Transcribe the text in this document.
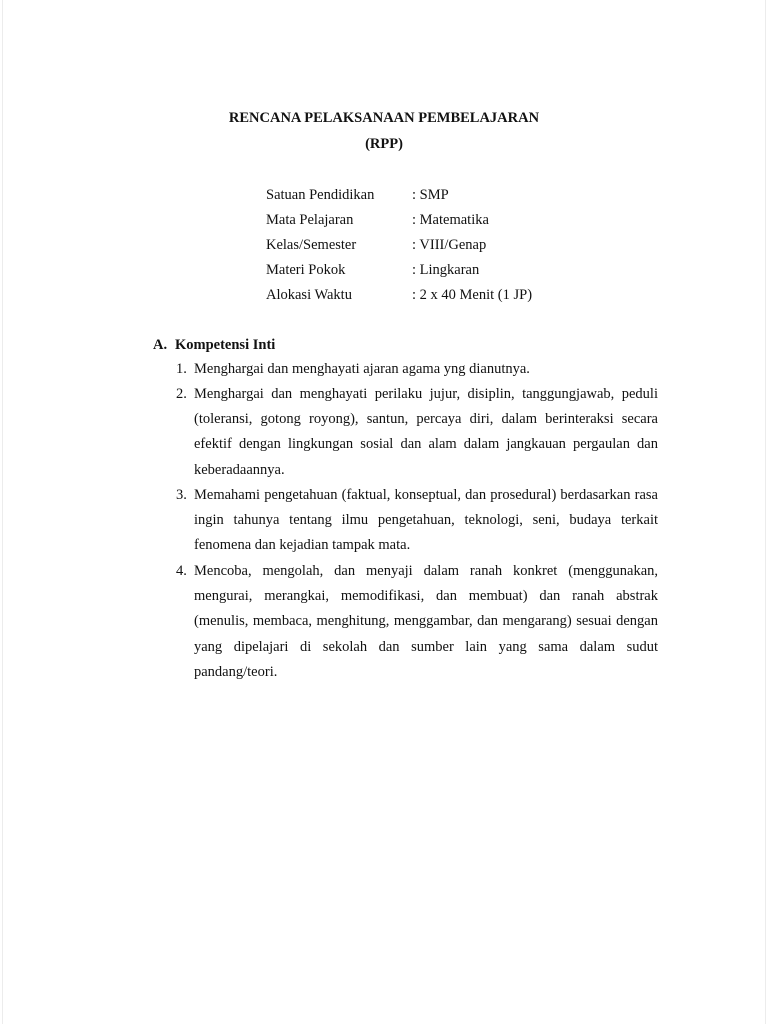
RENCANA PELAKSANAAN PEMBELAJARAN
(RPP)
Satuan Pendidikan	: SMP
Mata Pelajaran	: Matematika
Kelas/Semester	: VIII/Genap
Materi Pokok	: Lingkaran
Alokasi Waktu	: 2 x 40 Menit (1 JP)
A. Kompetensi Inti
1. Menghargai dan menghayati ajaran agama yng dianutnya.
2. Menghargai dan menghayati perilaku jujur, disiplin, tanggungjawab, peduli (toleransi, gotong royong), santun, percaya diri, dalam berinteraksi secara efektif dengan lingkungan sosial dan alam dalam jangkauan pergaulan dan keberadaannya.
3. Memahami pengetahuan (faktual, konseptual, dan prosedural) berdasarkan rasa ingin tahunya tentang ilmu pengetahuan, teknologi, seni, budaya terkait fenomena dan kejadian tampak mata.
4. Mencoba, mengolah, dan menyaji dalam ranah konkret (menggunakan, mengurai, merangkai, memodifikasi, dan membuat) dan ranah abstrak (menulis, membaca, menghitung, menggambar, dan mengarang) sesuai dengan yang dipelajari di sekolah dan sumber lain yang sama dalam sudut pandang/teori.
